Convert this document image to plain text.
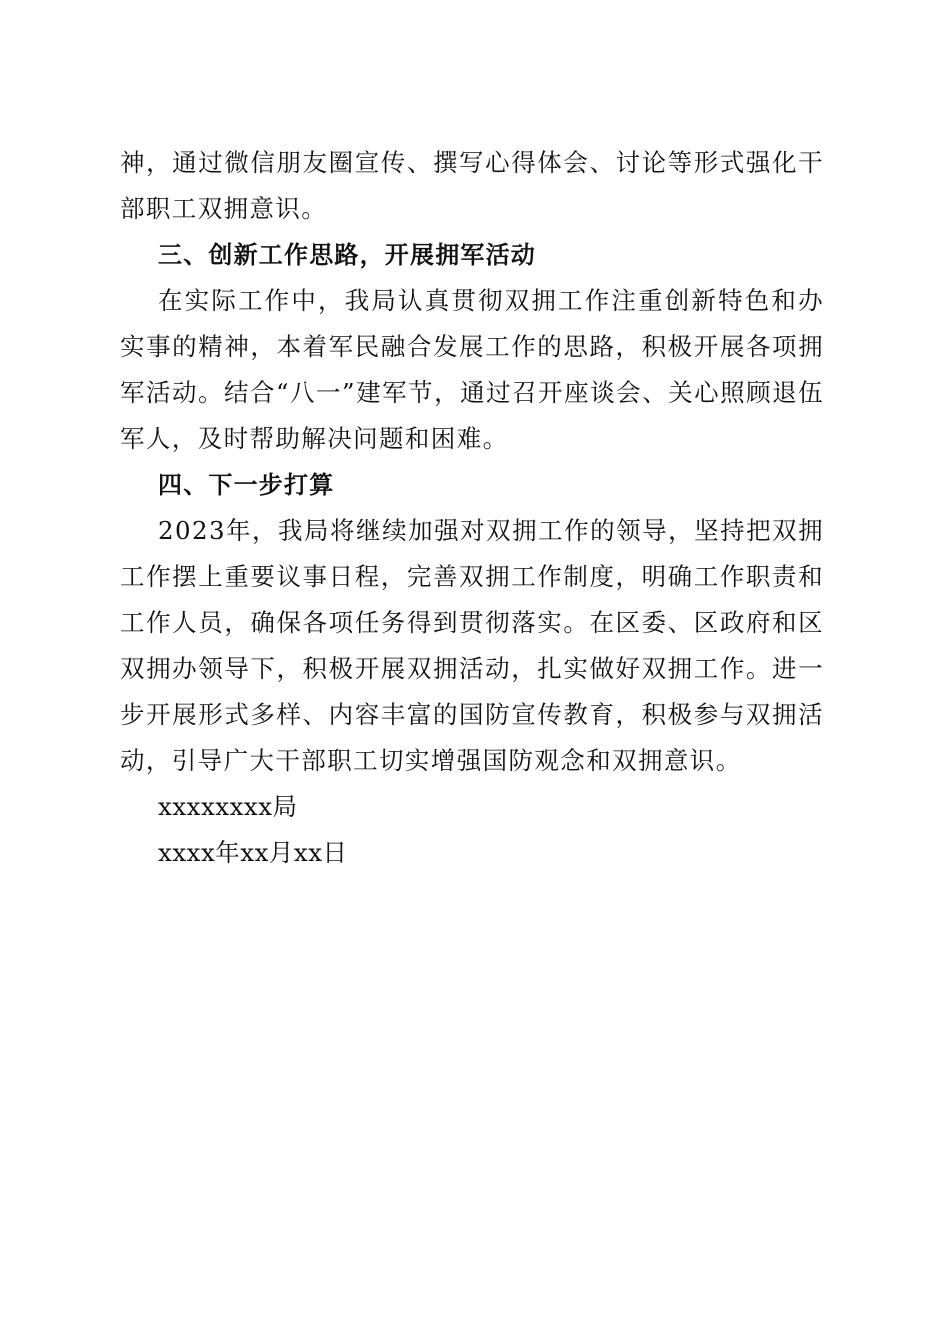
神，通过微信朋友圈宣传、撰写心得体会、讨论等形式强化干部职工双拥意识。

三、创新工作思路，开展拥军活动

在实际工作中，我局认真贯彻双拥工作注重创新特色和办实事的精神，本着军民融合发展工作的思路，积极开展各项拥军活动。结合“八一”建军节，通过召开座谈会、关心照顾退伍军人，及时帮助解决问题和困难。

四、下一步打算

2023年，我局将继续加强对双拥工作的领导，坚持把双拥工作摆上重要议事日程，完善双拥工作制度，明确工作职责和工作人员，确保各项任务得到贯彻落实。在区委、区政府和区双拥办领导下，积极开展双拥活动，扎实做好双拥工作。进一步开展形式多样、内容丰富的国防宣传教育，积极参与双拥活动，引导广大干部职工切实增强国防观念和双拥意识。

xxxxxxxx局

xxxx年xx月xx日
